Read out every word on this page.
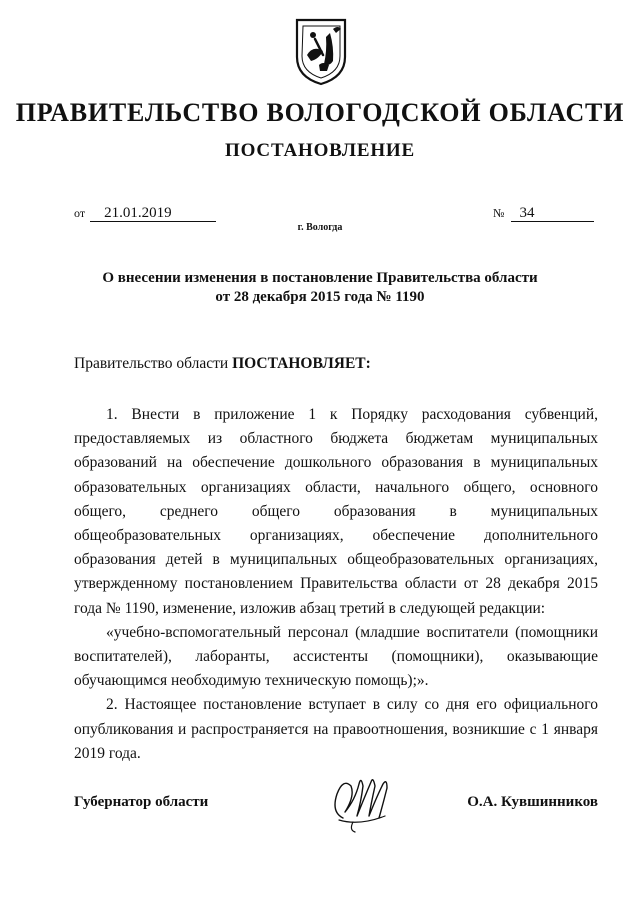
ПРАВИТЕЛЬСТВО ВОЛОГОДСКОЙ ОБЛАСТИ
ПОСТАНОВЛЕНИЕ
от 21.01.2019	№ 34
г. Вологда
О внесении изменения в постановление Правительства области
от 28 декабря 2015 года № 1190

Правительство области ПОСТАНОВЛЯЕТ:

1. Внести в приложение 1 к Порядку расходования субвенций, предоставляемых из областного бюджета бюджетам муниципальных образований на обеспечение дошкольного образования в муниципальных образовательных организациях области, начального общего, основного общего, среднего общего образования в муниципальных общеобразовательных организациях, обеспечение дополнительного образования детей в муниципальных общеобразовательных организациях, утвержденному постановлением Правительства области от 28 декабря 2015 года № 1190, изменение, изложив абзац третий в следующей редакции:

«учебно-вспомогательный персонал (младшие воспитатели (помощники воспитателей), лаборанты, ассистенты (помощники), оказывающие обучающимся необходимую техническую помощь);».

2. Настоящее постановление вступает в силу со дня его официального опубликования и распространяется на правоотношения, возникшие с 1 января 2019 года.

Губернатор области	О.А. Кувшинников
